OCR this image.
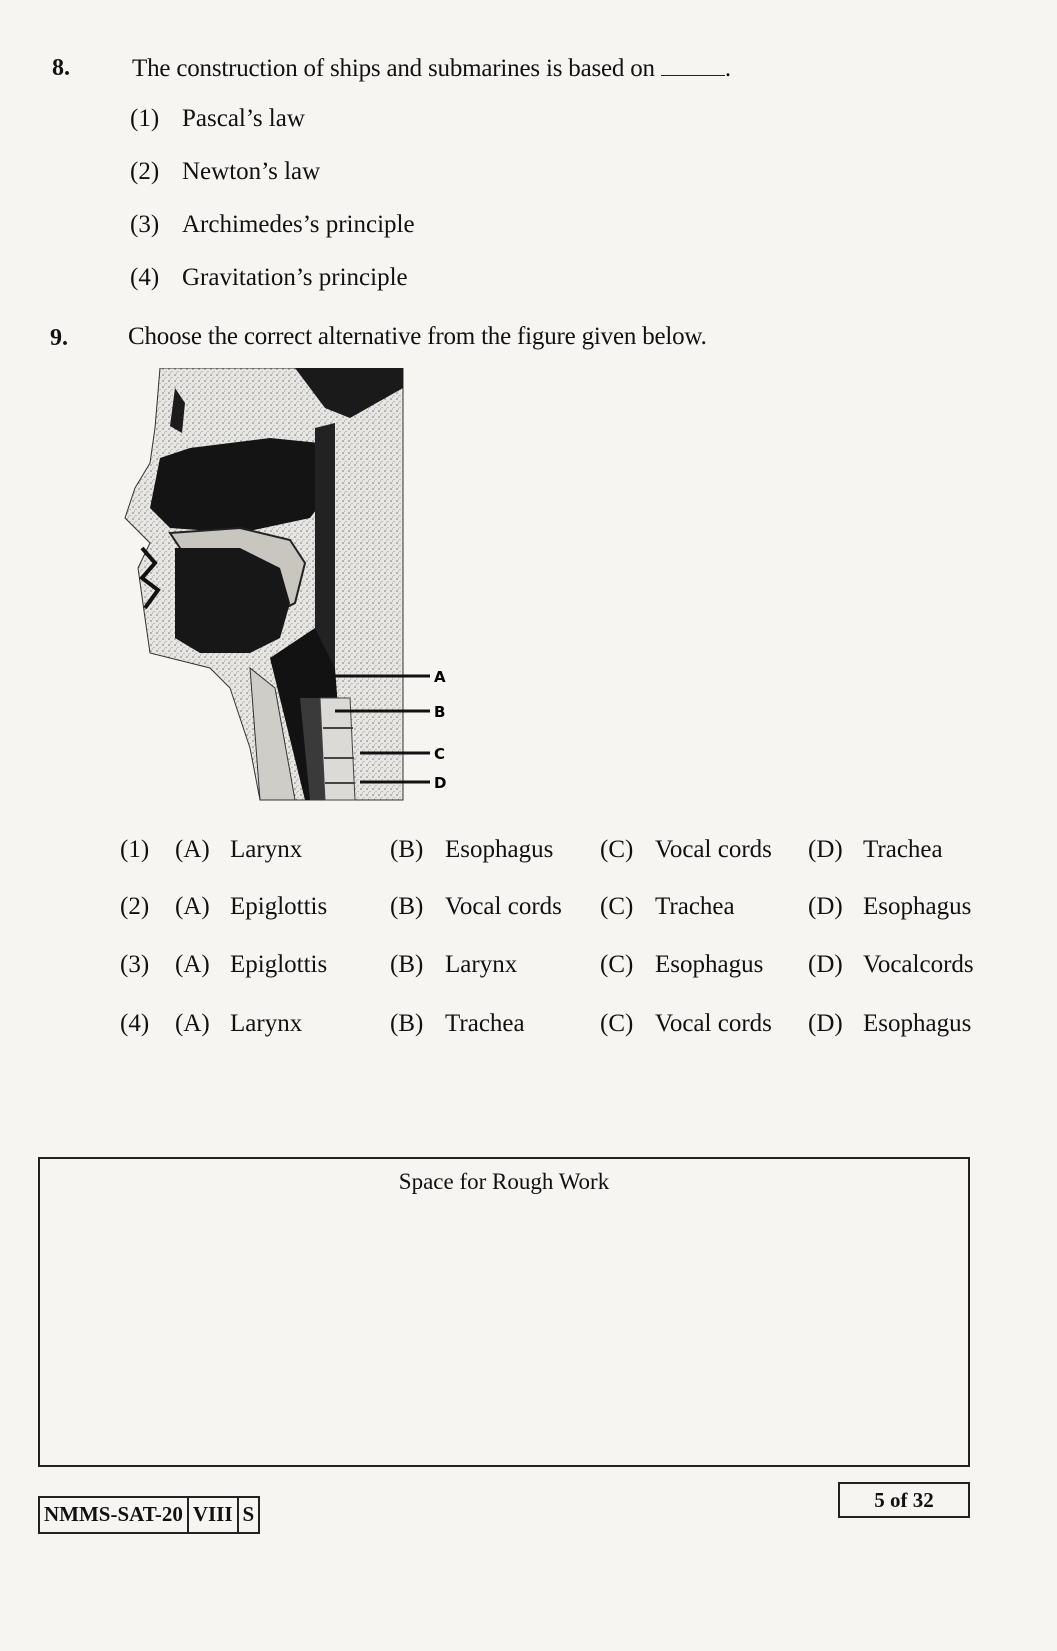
8. The construction of ships and submarines is based on	.
(1) Pascal’s law
(2) Newton’s law
(3) Archimedes’s principle
(4) Gravitation’s principle
9. Choose the correct alternative from the figure given below.
A
B
C
D
(1) (A) Larynx	(B) Esophagus (C) Vocal cords (D) Trachea
(2) (A) Epiglottis	(B) Vocal cords (C) Trachea	(D) Esophagus
(3) (A) Epiglottis	(B) Larynx	(C) Esophagus (D) Vocalcords
(4) (A) Larynx	(B) Trachea	(C) Vocal cords (D) Esophagus
Space for Rough Work
NMMS-SAT-20 VIII S
5 of 32
